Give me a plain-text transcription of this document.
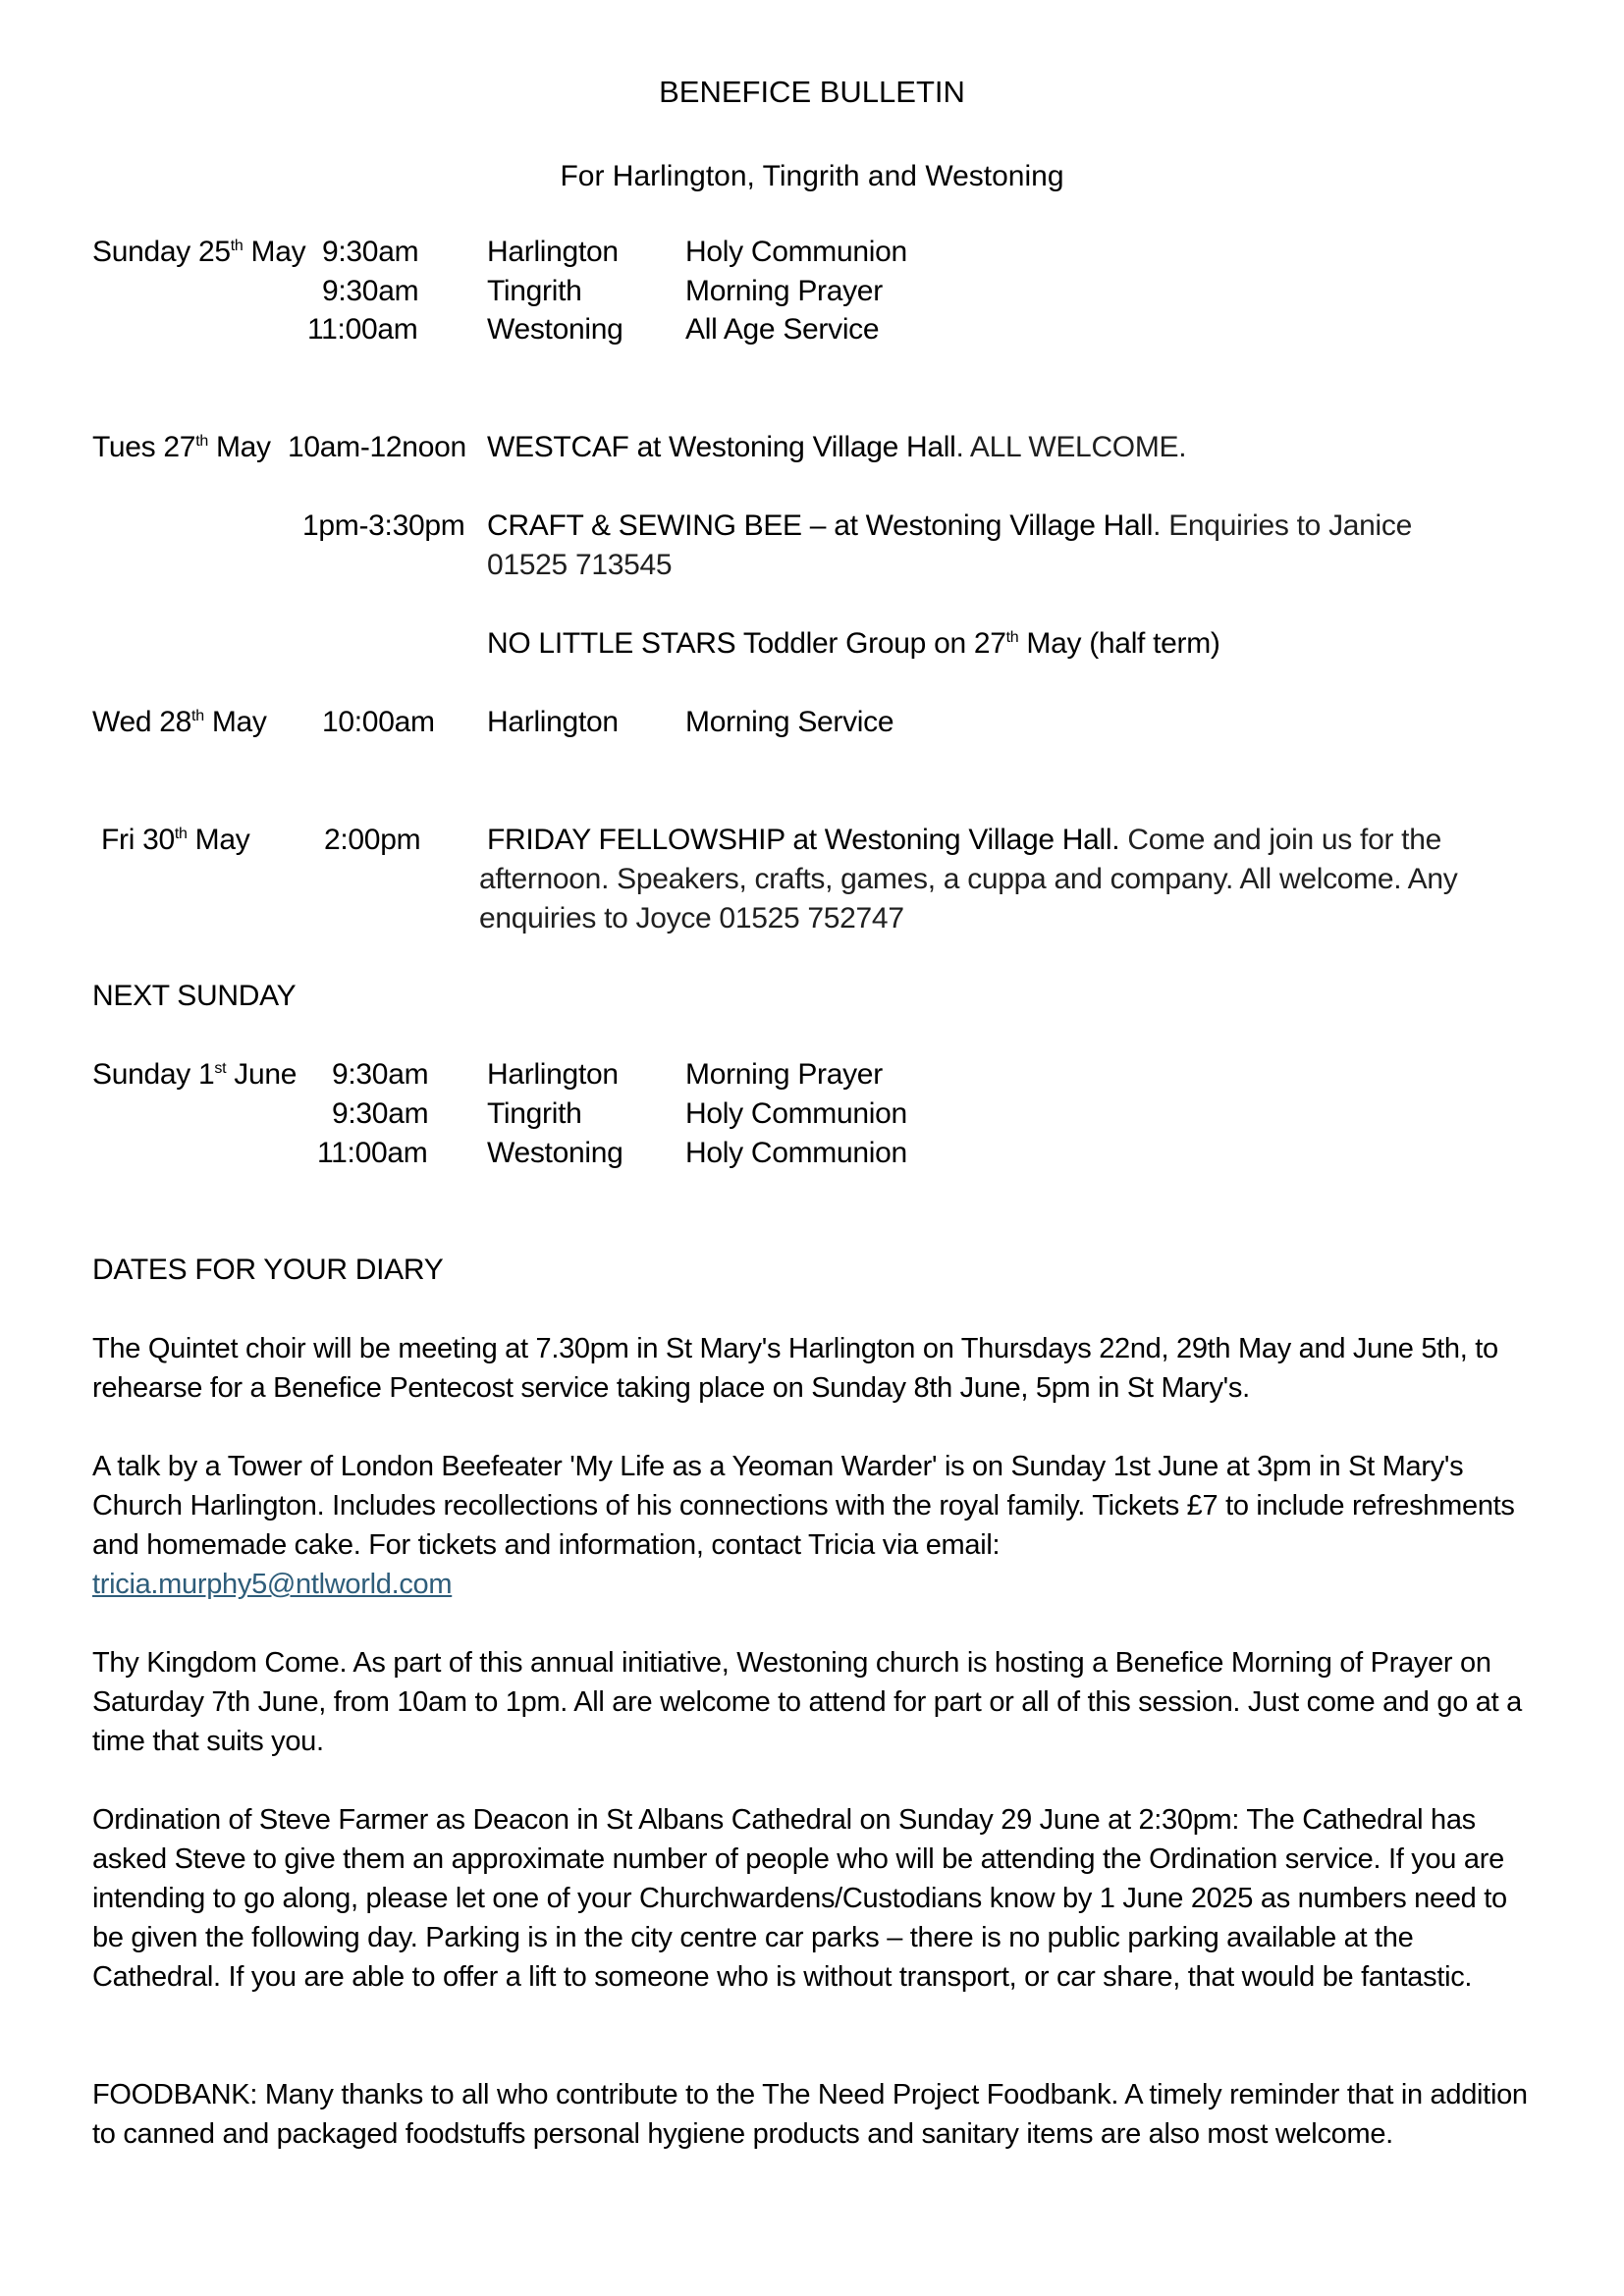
BENEFICE BULLETIN
For Harlington, Tingrith and Westoning
Sunday 25th May 9:30am Harlington Holy Communion
9:30am Tingrith	Morning Prayer
11:00am Westoning All Age Service
Tues 27th May 10am-12noon WESTCAF at Westoning Village Hall. ALL WELCOME.
1pm-3:30pm CRAFT & SEWING BEE – at Westoning Village Hall. Enquiries to Janice
01525 713545
NO LITTLE STARS Toddler Group on 27th May (half term)
Wed 28th May 10:00am Harlington Morning Service
Fri 30th May	2:00pm FRIDAY FELLOWSHIP at Westoning Village Hall. Come and join us for the
afternoon. Speakers, crafts, games, a cuppa and company. All welcome. Any
enquiries to Joyce 01525 752747
NEXT SUNDAY
Sunday 1st June 9:30am Harlington Morning Prayer
9:30am Tingrith	Holy Communion
11:00am Westoning Holy Communion
DATES FOR YOUR DIARY
The Quintet choir will be meeting at 7.30pm in St Mary's Harlington on Thursdays 22nd, 29th May and June 5th, to rehearse for a Benefice Pentecost service taking place on Sunday 8th June, 5pm in St Mary's.
A talk by a Tower of London Beefeater 'My Life as a Yeoman Warder' is on Sunday 1st June at 3pm in St Mary's Church Harlington. Includes recollections of his connections with the royal family. Tickets £7 to include refreshments and homemade cake. For tickets and information, contact Tricia via email:
tricia.murphy5@ntlworld.com
Thy Kingdom Come. As part of this annual initiative, Westoning church is hosting a Benefice Morning of Prayer on Saturday 7th June, from 10am to 1pm. All are welcome to attend for part or all of this session. Just come and go at a time that suits you.
Ordination of Steve Farmer as Deacon in St Albans Cathedral on Sunday 29 June at 2:30pm: The Cathedral has asked Steve to give them an approximate number of people who will be attending the Ordination service. If you are intending to go along, please let one of your Churchwardens/Custodians know by 1 June 2025 as numbers need to be given the following day. Parking is in the city centre car parks – there is no public parking available at the Cathedral. If you are able to offer a lift to someone who is without transport, or car share, that would be fantastic.
FOODBANK: Many thanks to all who contribute to the The Need Project Foodbank. A timely reminder that in addition to canned and packaged foodstuffs personal hygiene products and sanitary items are also most welcome.
